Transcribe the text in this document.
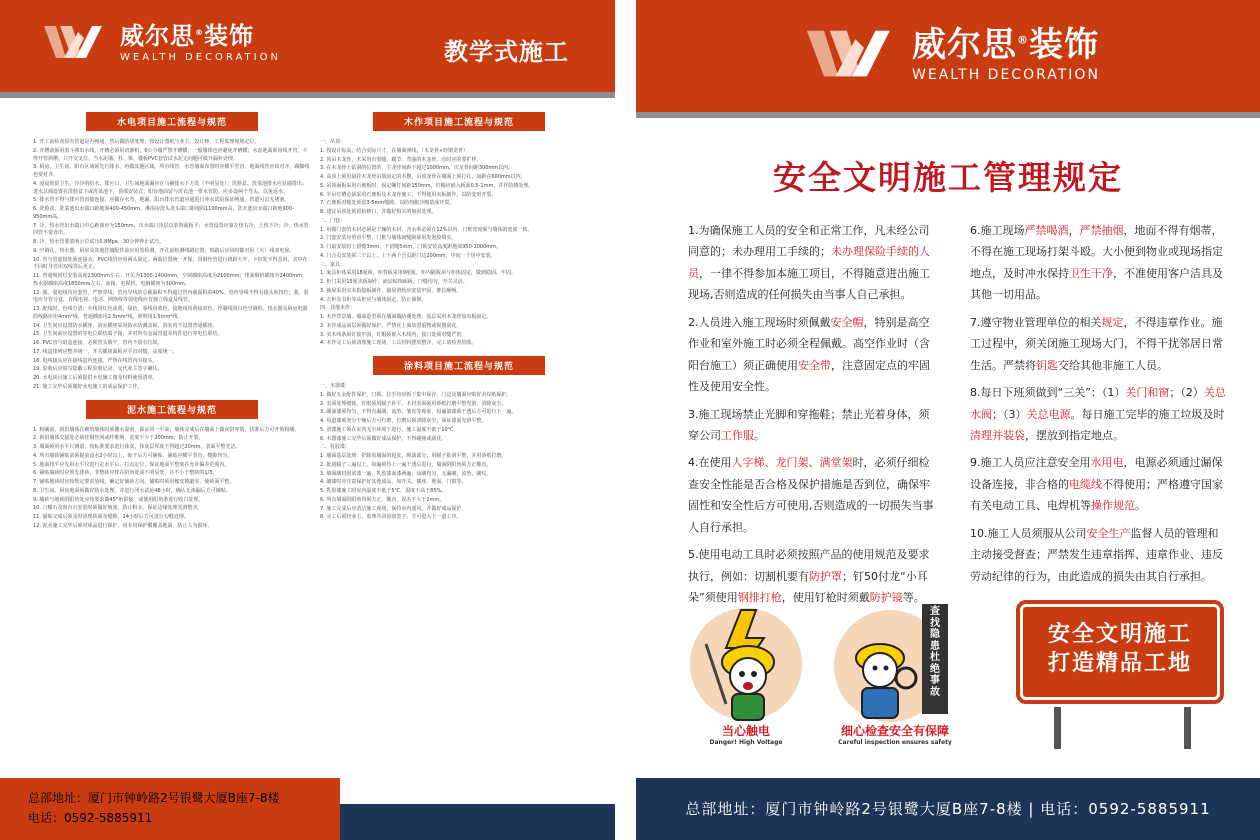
威尔思®装饰
WEALTH DECORATION	教学式施工
水电项目施工流程与规范

1. 开工前检查原有管道是否畅通，然后做防堵处理；按设计图纸与业主、设计师、工程监理现场定位。

2. 开槽前须用墨斗弹出水线，开槽必须用切割机，6公分墙严禁开槽横，一般墙体也应避免开槽横；水泥地面须用线开管，不得开管斜槽，只开交叉位；当水泥墙、柱、梁、楼板PVC套管试水泥无问题可做开漏补处理。

3. 厨房、卫生间、阳台区域须先行排水，再做其他区域。所有线管、水管墙面布置时应横平竖直，地面线管应该对齐，踢脚线也要对齐。

4. 凌晨预留卫生、冷冷的给水、排污口，卫生间地面漏应在马桶排水下方处（不明显处）；洗脸盆、洗菜池排水应显墙排出；进水总阀设置在洗脸盆下或洗菜池下，顶部安装式；阳台地面留与洗衣池一排水管防，应多设两个弯头，以免返水。

5. 排水管不得与排污管直接连接，应做存水弯，地漏、阳台排水管道应通进行冲水试验保证畅通，管道可以无堵塞。

6. 洗脸盆、洗菜池出水端口距地面400-450mm，淋浴房洗头龙头端口距地面1100mm高，洗衣池出水端口距地900-950mm高。

7. 冷、热水管出水端口中心距离应为150mm，出水端口顶层以装饰面板平；水管设置应靠左热右冷，上热下冷；冷、热水管同管不要直出。

8. 冷、热水管要装明示位试压0.8Mpa，30分钟钟止试压。

9. 空调孔、热水器、厨房及其他挂墙配件前应用黑检测，开孔前检测线路位置，短路后应同时都对用（火）线双电保。

10. 管与管道接处须连接水，PVC线管应用两头固定，两端位置统一开保，用钢丝管进行绕距大牢，卡扣处不得歪斜，其中在不同时导管用双线等后更正。

11. 普通吸顶灯安装高度2300mm左右；开关为1300-1400mm，空调插座高度为2100mm；排油烟机插座为2400mm，热水器插座高度1850mm左右，冰箱、电视机、电脑插座为300mm。

12. 强、弱电线均应套管，严禁穿线；管内导线的总截面积不得超过管内截面积的40%。管内导线不得有接头和扭拧；强、弱电应分管分盒，有线电视、电话、网络线等弱电线应有独立线盒及线管。

13. 配线时，色线分清：火线用红色或黄，绿色，零线用蓝色，接地线用黄绿双色。控制线用白色空调机、热水器及厨房电器的线路应用4mm²线，普通插座用2.5mm²线，照明用1.5mm²线。

14. 卫生间应设置防水插座，浴室插座采用防水防溅盖板，浴室内不设置普通插座。

15. 卫生间前应设置的等电位联结端子箱，并对所有金属管道及构件进行等电位联结。

16. PVC管与暗盒连接，必须管头锁牢，管内不留有垃圾。

17. 线盒排列应整齐统一，开关插座面板应平直对缝，高度统一。

18. 电线接头应在接线盒内连接。严禁在线管内有接头。

19. 验收后应填写隐蔽工程验收记录，交代业主签字确认。

20. 水电项目施工后须提供水电施工图及材料使用清单。

21. 施工完毕后须做好水电施工的成品保护工作。

泥水施工流程与规范

1. 粉刷前，新旧墙体在砌筑墙体时须撒水湿润，保证同一平面；墙体完成后在墙面上做灰饼冲筋，找准后方可开始粉刷。

2. 新旧墙体交接处必须挂钢丝网或纤维网，宽度不少于200mm，防止开裂。

3. 墙面须用水平尺测量，按标准要求进行抹灰，抹灰层厚度不得超过20mm，表面平整光洁。

4. 所有墙砖铺贴前须提前浸水2小时以上，晾干后方可铺贴，铺贴应横平竖直，缝隙均匀。

5. 地面找平应先用水平仪进行定水平后，打点定位，保证地面平整度在允许偏差范围内。

6. 铺贴墙砖时应预先排砖，非整砖应排在阴角处或不明显处，且不小于整砖的1/3。

7. 铺贴地砖时应按规定要求放线，确定好铺砖方向，铺贴时须用橡皮锤敲实，使砖面平整。

8. 卫生间、厨房地面须做好防水处理，并进行闭水试验48小时，确认无渗漏后方可铺贴。

9. 墙砖与地砖阴阳角处应按要求做45°角拼接，或使用阳角条进行收口处理。

10. 门槛石及窗台石安装时须做好坡度，防止积水，保证边缘处理光滑整齐。

11. 铺贴完成后须及时清理砖面及缝隙，24小时后方可进行勾缝处理。

12. 泥水施工完毕后须对成品进行保护，用专用保护膜覆盖地面，防止人为损坏。

木作项目施工流程与规范

一、吊顶：

1. 按设计标高，结合实际尺寸，在墙面弹线。（木龙骨+轻钢龙骨）

2. 顶吊木龙骨，木采用有裂缝、腐节、弯曲的木龙骨，有时应的要扩样。

3. 在木龙骨上钻洞的位置的，主龙骨间距不超过1000mm，次龙骨间距300mm以内。

4. 高顶上须用悬挂木龙骨吊筋固定的木楔，吊顶龙骨在墙面上须打孔，间距在600mm以内。

5. 吊顶面板采用石膏板时，固定螺钉间距150mm，钉帽应嵌入板面0.5-1mm，并作防锈处理。

6. 半吊灯槽必须采用石膏板及木龙骨施工，不得使用夹板制作，以防变形开裂。

7. 石膏板对缝处须留3-5mm缝隙，以防热胀冷缩造成开裂。

8. 建议吊顶处预留检修口，并做好相关的加固处理。

二、门套：

1. 用做门套的木材必须是干燥的木材，含水率必须在12%以内，门框宽度须与墙体的宽度一致。

2. 门套安装应垂直平整，门框与墙体间缝隙须用发泡胶填实。

3. 门扇安装时上留缝3mm，下留缝5mm，门锁安装高度距地面950-1000mm。

4. 门合页安装须三个以上，上下两个合页距门边200mm，中间一个居中安装。

三、家具：

1. 家具柜体采用18厘板，柜背板采用9厘板，柜内隔板须与柜体固定，做到稳固、牢固。

2. 柜门采用15厘夹板制作，面层贴饰面板，门缝均匀，开关灵活。

3. 抽屉采用实木指接板制作，抽屉滑轨应安装牢固，推拉顺畅。

4. 衣柜及书柜等高柜应与墙体固定，防止倾倒。

四、其他木作：

1. 木作背景墙、墙面造型须在墙面做防潮处理，基层采用木龙骨加夹板固定。

2. 木作成品面层须做好保护，严禁在上面放置重物或锐器刮花。

3. 实木线条须钉接牢固，钉帽须嵌入木线内，接口处须对缝严密。

4. 木作完工后须清理施工现场，工具材料摆放整齐，完工请检查验收。

涂料项目施工流程与规范

一、木器漆：

1. 做好五金配件保护，门锁、拉手均应拆下集中保存，门边及墙面应贴好美纹纸保护。

2. 表面处理细致，钉眼须用腻子补平，木材表面须用砂纸打磨平整光滑，清除灰尘。

3. 刷油漆须均匀，不得有漏刷、流坠、皱皮等现象，每遍油漆须干透后方可进行下一遍。

4. 每道漆须充分干燥后方可打磨，打磨后须清除灰尘，保证漆面光滑平整。

5. 清漆施工须在室内无尘环境下进行，施工温度不低于10℃。

6. 木器漆施工完毕后须做好成品保护，不得碰撞或刮花。

二、乳胶漆：

1. 墙面基层处理：铲除原墙面的起皮、脱落部分，用腻子批刮平整，并用砂纸打磨。

2. 批刮腻子三遍以上，每遍须待上一遍干透后进行，墙面阴阳角须方正顺直。

3. 墙面刷封固底漆一遍，乳胶漆面漆两遍，涂刷均匀，无漏刷、流坠、刷纹。

4. 刷漆时应注意保护好其他成品，如开关、插座、地面、门窗等。

5. 乳胶漆施工时室内温度不低于5℃，湿度不高于85%。

6. 所有墙面阴阳角均须方正，顺直，误差不大于2mm。

7. 施工完成后应清洁施工现场，保持室内通风，并做好成品保护。

8. 完工后须经业主、监理共同验收签字，方可进入下一道工序。

总部地址：厦门市钟岭路2号银鹭大厦B座7-8楼
电话：0592-5885911
威尔思®装饰
WEALTH DECORATION
安全文明施工管理规定

1.为确保施工人员的安全和正常工作，凡未经公司同意的；未办理用工手续的；未办理保险手续的人员，一律不得参加本施工项目，不得随意进出施工现场,否则造成的任何损失由当事人自己承担。

2.人员进入施工现场时须佩戴安全帽，特别是高空作业和室外施工时必须全程佩戴。高空作业时（含阳台施工）须正确使用安全带，注意固定点的牢固性及使用安全性。

3.施工现场禁止光脚和穿拖鞋；禁止光着身体，须穿公司工作服。

4.在使用人字梯、龙门架、满堂架时，必须仔细检查安全性能是否合格及保护措施是否到位，确保牢固性和安全性后方可使用,否则造成的一切损失当事人自行承担。

5.使用电动工具时必须按照产品的使用规范及要求执行，例如：切割机要有防护罩；钉50付龙“小耳朵”须使用钢排打枪，使用钉枪时须戴防护镜等。

6.施工现场严禁喝酒，严禁抽烟，地面不得有烟蒂，不得在施工现场打架斗殴。大小便到物业或现场指定地点，及时冲水保持卫生干净，不准使用客户洁具及其他一切用品。

7.遵守物业管理单位的相关规定，不得违章作业。施工过程中，须关闭施工现场大门，不得干扰邻居日常生活。严禁将钥匙交给其他非施工人员。

8.每日下班须做到“三关”：（1）关门和窗；（2）关总水阀；（3）关总电源。每日施工完毕的施工垃圾及时清理并装袋，摆放到指定地点。

9.施工人员应注意安全用水用电，电源必须通过漏保设备连接，非合格的电缆线不得使用；严格遵守国家有关电动工具、电焊机等操作规范。

10.施工人员须服从公司安全生产监督人员的管理和主动接受督查；严禁发生违章指挥、违章作业、违反劳动纪律的行为，由此造成的损失由其自行承担。

当心触电
Danger! High Voltage
查找隐患杜绝事故
细心检查安全有保障
Careful inspection ensures safety
安全文明施工
打造精品工地
总部地址：厦门市钟岭路2号银鹭大厦B座7-8楼 | 电话：0592-5885911
